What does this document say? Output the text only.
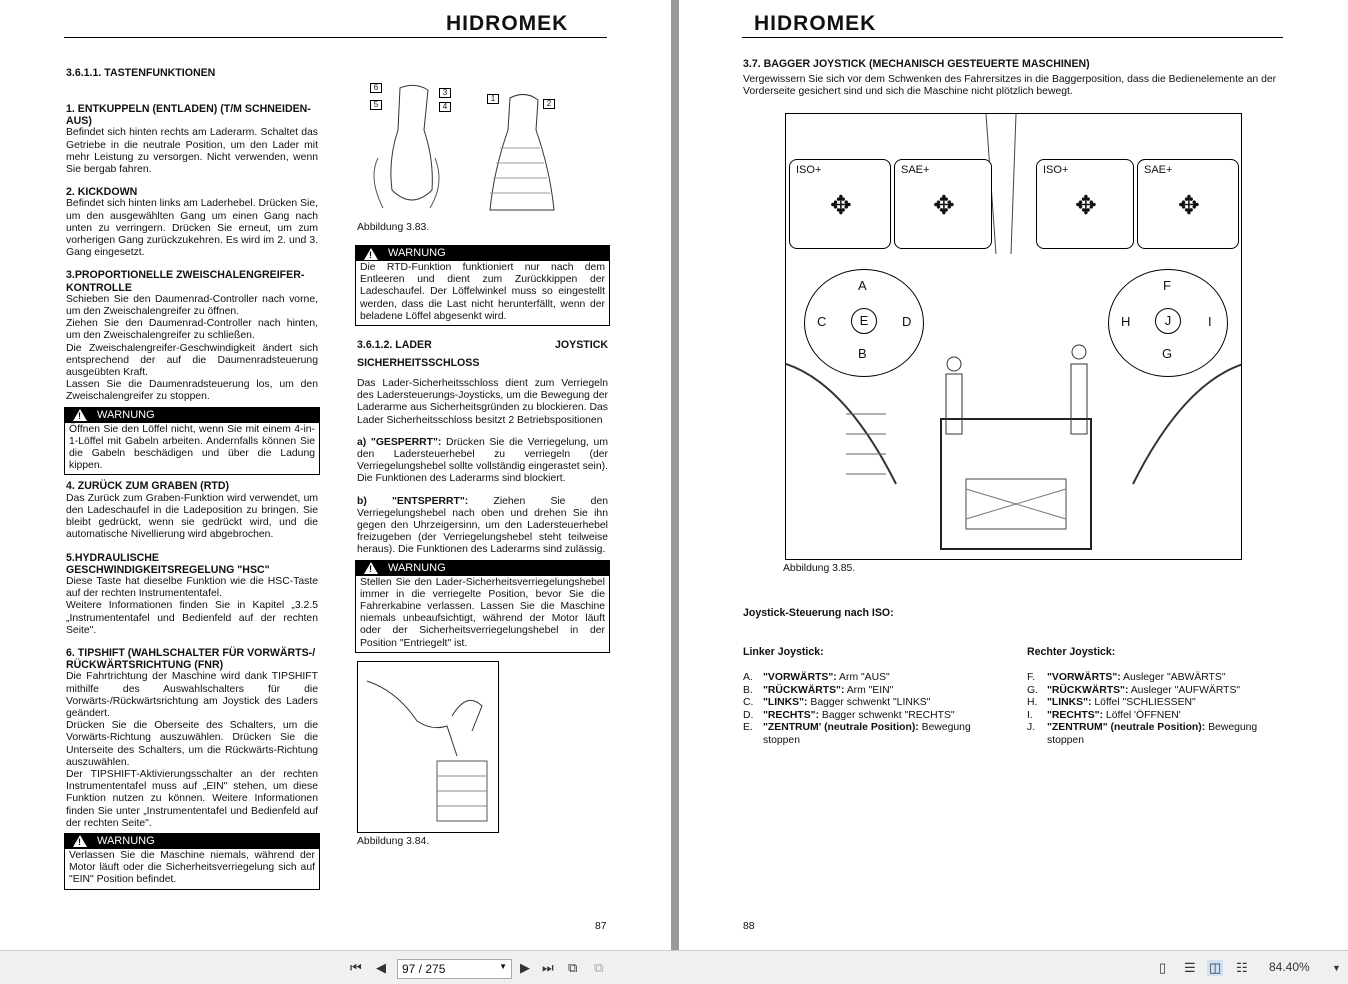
HIDROMEK
3.6.1.1. TASTENFUNKTIONEN
1. ENTKUPPELN (ENTLADEN) (T/M SCHNEIDEN-AUS)
Befindet sich hinten rechts am Laderarm. Schaltet das Getriebe in die neutrale Position, um den Lader mit mehr Leistung zu versorgen. Nicht verwenden, wenn Sie bergab fahren.
2. KICKDOWN
Befindet sich hinten links am Laderhebel. Drücken Sie, um den ausgewählten Gang um einen Gang nach unten zu verringern. Drücken Sie erneut, um zum vorherigen Gang zurückzukehren. Es wird im 2. und 3. Gang eingesetzt.
3.PROPORTIONELLE ZWEISCHALENGREIFER-KONTROLLE
Schieben Sie den Daumenrad-Controller nach vorne, um den Zweischalengreifer zu öffnen.
Ziehen Sie den Daumenrad-Controller nach hinten, um den Zweischalengreifer zu schließen.
Die Zweischalengreifer-Geschwindigkeit ändert sich entsprechend der auf die Daumenradsteuerung ausgeübten Kraft.
Lassen Sie die Daumenradsteuerung los, um den Zweischalengreifer zu stoppen.
!
WARNUNG
Öffnen Sie den Löffel nicht, wenn Sie mit einem 4-in-1-Löffel mit Gabeln arbeiten. Andernfalls können Sie die Gabeln beschädigen und über die Ladung kippen.
4. ZURÜCK ZUM GRABEN (RTD)
Das Zurück zum Graben-Funktion wird verwendet, um den Ladeschaufel in die Ladeposition zu bringen. Sie bleibt gedrückt, wenn sie gedrückt wird, und die automatische Nivellierung wird abgebrochen.
5.HYDRAULISCHE GESCHWINDIGKEITSREGELUNG "HSC"
Diese Taste hat dieselbe Funktion wie die HSC-Taste auf der rechten Instrumententafel.
Weitere Informationen finden Sie in Kapitel „3.2.5 „Instrumententafel und Bedienfeld auf der rechten Seite".
6. TIPSHIFT (WAHLSCHALTER FÜR VORWÄRTS-/ RÜCKWÄRTSRICHTUNG (FNR)
Die Fahrtrichtung der Maschine wird dank TIPSHIFT mithilfe des Auswahlschalters für die Vorwärts-/Rückwärtsrichtung am Joystick des Laders geändert.
Drücken Sie die Oberseite des Schalters, um die Vorwärts-Richtung auszuwählen. Drücken Sie die Unterseite des Schalters, um die Rückwärts-Richtung auszuwählen.
Der TIPSHIFT-Aktivierungsschalter an der rechten Instrumententafel muss auf „EIN" stehen, um diese Funktion nutzen zu können. Weitere Informationen finden Sie unter „Instrumententafel und Bedienfeld auf der rechten Seite".
!
WARNUNG
Verlassen Sie die Maschine niemals, während der Motor läuft oder die Sicherheitsverriegelung sich auf "EIN" Position befindet.
6
3
5	4
1
2
Abbildung 3.83.
!
WARNUNG
Die RTD-Funktion funktioniert nur nach dem Entleeren und dient zum Zurückkippen der Ladeschaufel. Der Löffelwinkel muss so eingestellt werden, dass die Last nicht herunterfällt, wenn der beladene Löffel abgesenkt wird.
3.6.1.2. LADER	JOYSTICK
SICHERHEITSSCHLOSS
Das Lader-Sicherheitsschloss dient zum Verriegeln des Ladersteuerungs-Joysticks, um die Bewegung der Laderarme aus Sicherheitsgründen zu blockieren. Das Lader Sicherheitsschloss besitzt 2 Betriebspositionen
a) "GESPERRT": Drücken Sie die Verriegelung, um den Ladersteuerhebel zu verriegeln (der Verriegelungshebel sollte vollständig eingerastet sein). Die Funktionen des Laderarms sind blockiert.
b) "ENTSPERRT": Ziehen Sie den Verriegelungshebel nach oben und drehen Sie ihn gegen den Uhrzeigersinn, um den Ladersteuerhebel freizugeben (der Verriegelungshebel steht teilweise heraus). Die Funktionen des Laderarms sind zulässig.
!
WARNUNG
Stellen Sie den Lader-Sicherheitsverriegelungshebel immer in die verriegelte Position, bevor Sie die Fahrerkabine verlassen. Lassen Sie die Maschine niemals unbeaufsichtigt, während der Motor läuft oder der Sicherheitsverriegelungshebel in der Position "Entriegelt" ist.
Abbildung 3.84.
87
HIDROMEK
3.7. BAGGER JOYSTICK (MECHANISCH GESTEUERTE MASCHINEN)
Vergewissern Sie sich vor dem Schwenken des Fahrersitzes in die Baggerposition, dass die Bedienelemente an der Vorderseite gesichert sind und sich die Maschine nicht plötzlich bewegt.
ISO+
✥
SAE+
✥
ISO+
✥
SAE+
✥
A
B
C	E	D
F
G
H	J	I
Abbildung 3.85.
Joystick-Steuerung nach ISO:
Linker Joystick:	Rechter Joystick:
A. "VORWÄRTS": Arm "AUS"
B. "RÜCKWÄRTS": Arm "EIN"
C. "LINKS": Bagger schwenkt "LINKS"
D. "RECHTS": Bagger schwenkt "RECHTS"
E. "ZENTRUM' (neutrale Position): Bewegung stoppen
F.	"VORWÄRTS": Ausleger "ABWÄRTS"
G. "RÜCKWÄRTS": Ausleger "AUFWÄRTS"
H. "LINKS": Löffel "SCHLIESSEN"
I.	"RECHTS": Löffel 'ÖFFNEN'
J.	"ZENTRUM" (neutrale Position): Bewegung stoppen
88
⏮ ◀	▶ ⏭ ⧉ ⧉	▯ ☰ ◫ ☷ 84.40% ▼
97 / 275	▼
